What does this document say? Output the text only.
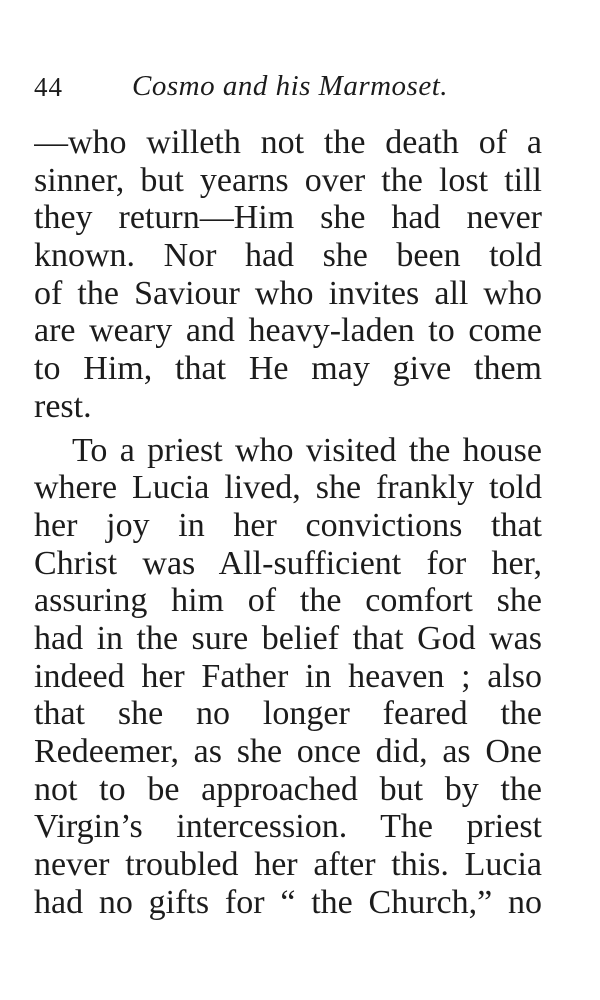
44 Cosmo and his Marmoset.
—who willeth not the death of a
sinner, but yearns over the lost till
they return—Him she had never
known. Nor had she been told
of the Saviour who invites all who
are weary and heavy-laden to come
to Him, that He may give them
rest.
To a priest who visited the house
where Lucia lived, she frankly told
her joy in her convictions that
Christ was All-sufficient for her,
assuring him of the comfort she
had in the sure belief that God was
indeed her Father in heaven ; also
that she no longer feared the
Redeemer, as she once did, as One
not to be approached but by the
Virgin’s intercession. The priest
never troubled her after this. Lucia
had no gifts for “ the Church,” no
